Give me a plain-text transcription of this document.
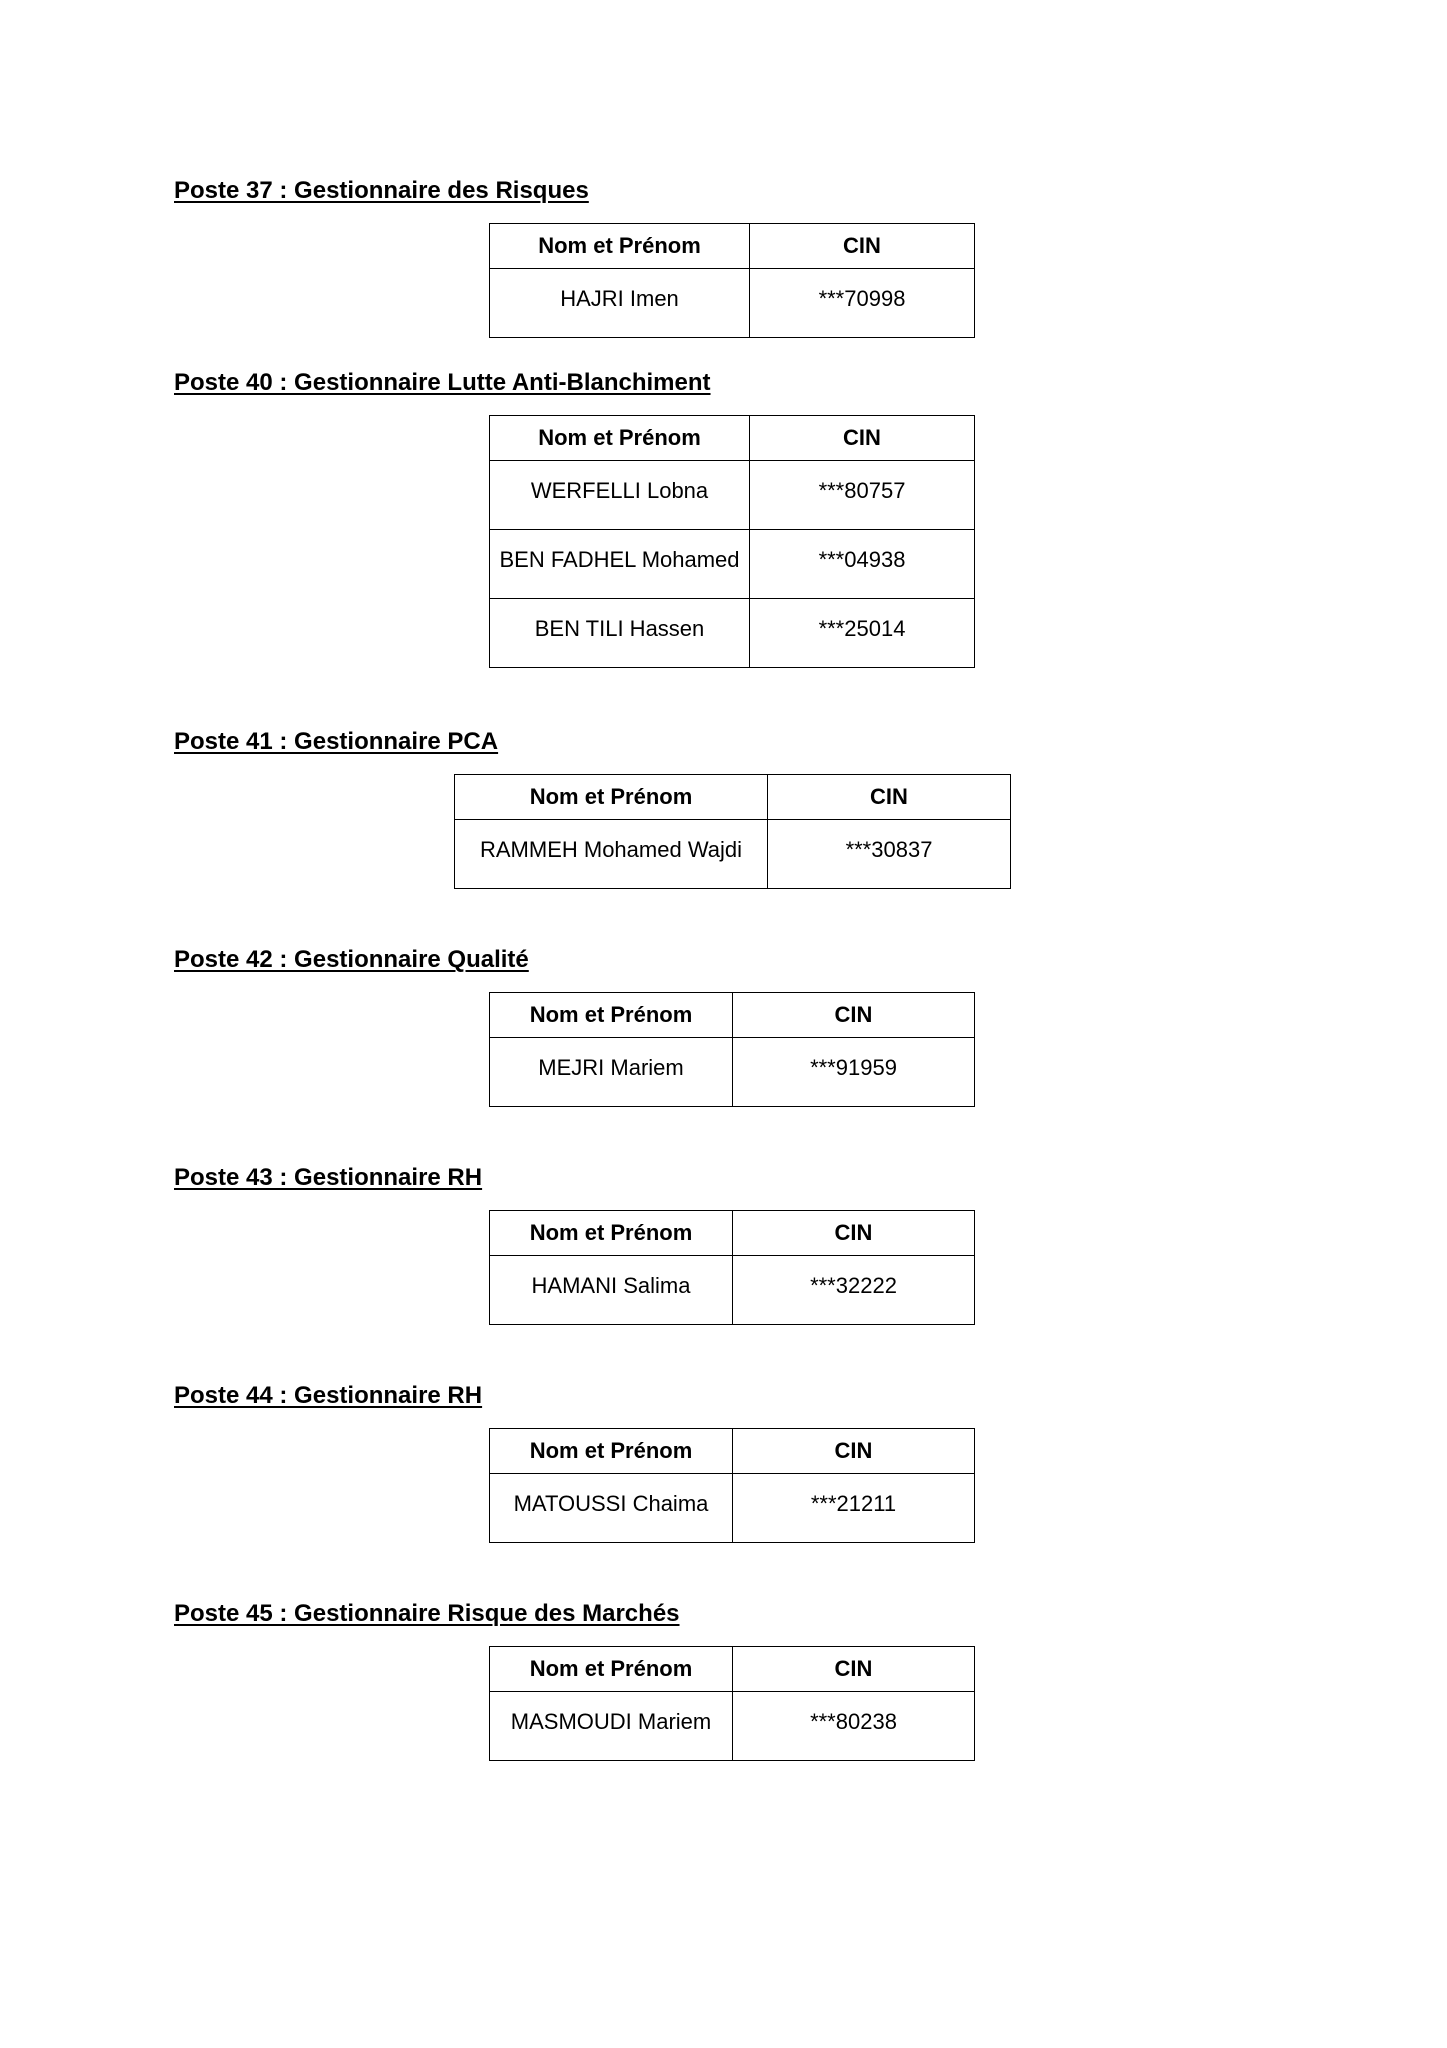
Poste 37 : Gestionnaire des Risques
Nom et Prénom	CIN
HAJRI Imen	***70998
Poste 40 : Gestionnaire Lutte Anti-Blanchiment
Nom et Prénom	CIN
WERFELLI Lobna	***80757
BEN FADHEL Mohamed	***04938
BEN TILI Hassen	***25014
Poste 41 : Gestionnaire PCA
Nom et Prénom	CIN
RAMMEH Mohamed Wajdi	***30837
Poste 42 : Gestionnaire Qualité
Nom et Prénom	CIN
MEJRI Mariem	***91959
Poste 43 : Gestionnaire RH
Nom et Prénom	CIN
HAMANI Salima	***32222
Poste 44 : Gestionnaire RH
Nom et Prénom	CIN
MATOUSSI Chaima	***21211
Poste 45 : Gestionnaire Risque des Marchés
Nom et Prénom	CIN
MASMOUDI Mariem	***80238
